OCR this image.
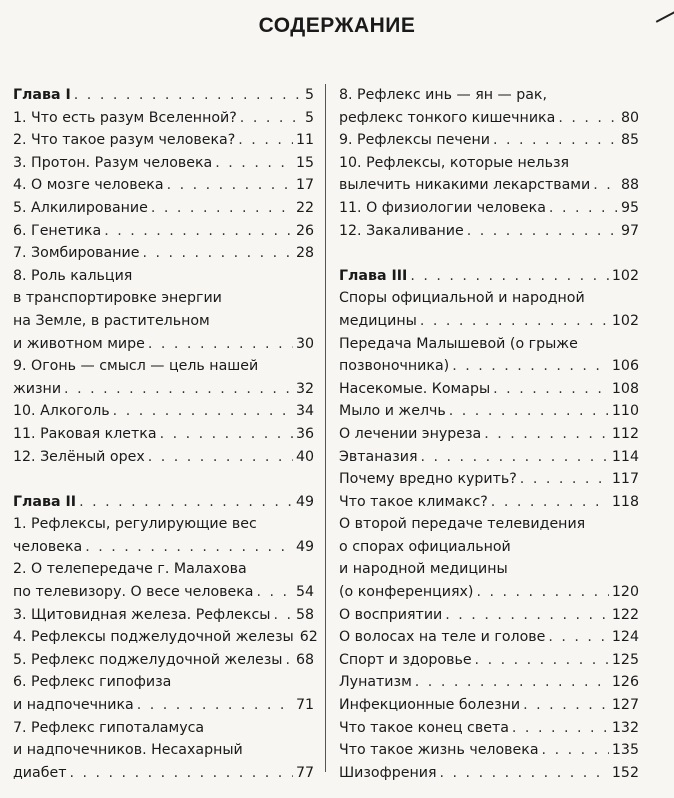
СОДЕРЖАНИЕ
Глава I . . .	5
1. Что есть разум Вселенной? . . .	5
2. Что такое разум человека? . . .	11
3. Протон. Разум человека . . .	15
4. О мозге человека . . .	17
5. Алкилирование . . .	22
6. Генетика . . .	26
7. Зомбирование . . .	28
8. Роль кальция
в транспортировке энергии
на Земле, в растительном
и животном мире . . .	30
9. Огонь — смысл — цель нашей
жизни . . .	32
10. Алкоголь . . .	34
11. Раковая клетка . . .	36
12. Зелёный орех . . .	40
Глава II . . .	49
1. Рефлексы, регулирующие вес
человека . . .	49
2. О телепередаче г. Малахова
по телевизору. О весе человека . . .	54
3. Щитовидная железа. Рефлексы . . . 58
4. Рефлексы поджелудочной железы 62
5. Рефлекс поджелудочной железы . . . 68
6. Рефлекс гипофиза
и надпочечника . . .	71
7. Рефлекс гипоталамуса
и надпочечников. Несахарный
диабет . . .	77
8. Рефлекс инь — ян — рак,
рефлекс тонкого кишечника . . .	80
9. Рефлексы печени . . .	85
10. Рефлексы, которые нельзя
вылечить никакими лекарствами . . . 88
11. О физиологии человека . . .	95
12. Закаливание . . .	97
Глава III . . .	102
Споры официальной и народной
медицины . . .	102
Передача Малышевой (о грыже
позвоночника) . . .	106
Насекомые. Комары . . .	108
Мыло и желчь . . .	110
О лечении энуреза . . .	112
Эвтаназия . . .	114
Почему вредно курить? . . .	117
Что такое климакс? . . .	118
О второй передаче телевидения
о спорах официальной
и народной медицины
(о конференциях) . . .	120
О восприятии . . .	122
О волосах на теле и голове . . .	124
Спорт и здоровье . . .	125
Лунатизм . . .	126
Инфекционные болезни . . .	127
Что такое конец света . . .	132
Что такое жизнь человека . . .	135
Шизофрения . . .	152
